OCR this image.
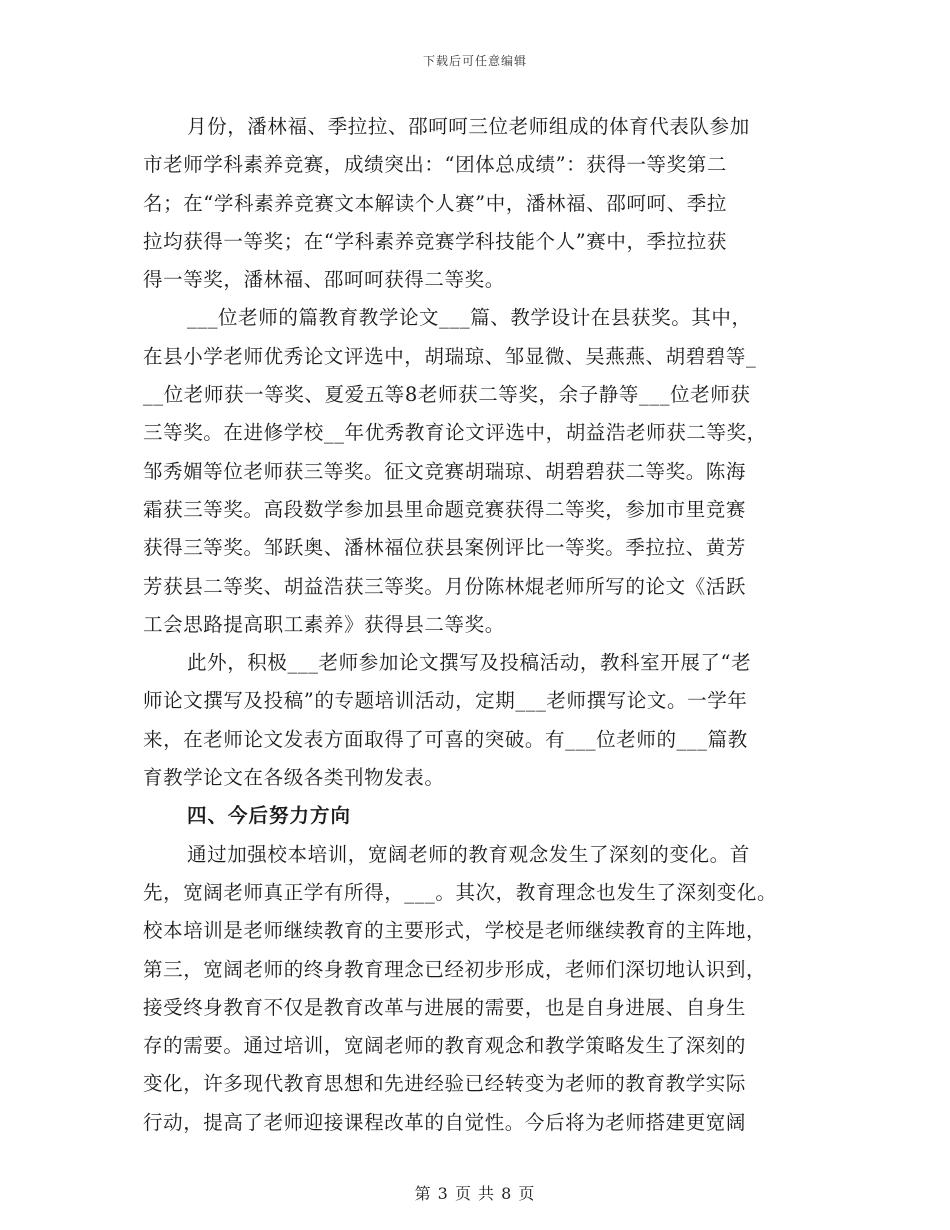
下载后可任意编辑
月份，潘林福、季拉拉、邵呵呵三位老师组成的体育代表队参加
市老师学科素养竞赛，成绩突出：“团体总成绩”：获得一等奖第二
名；在“学科素养竞赛文本解读个人赛”中，潘林福、邵呵呵、季拉
拉均获得一等奖；在“学科素养竞赛学科技能个人”赛中，季拉拉获
得一等奖，潘林福、邵呵呵获得二等奖。
___位老师的篇教育教学论文___篇、教学设计在县获奖。其中，
在县小学老师优秀论文评选中，胡瑞琼、邹显微、吴燕燕、胡碧碧等_
__位老师获一等奖、夏爱五等8老师获二等奖，余子静等___位老师获
三等奖。在进修学校__年优秀教育论文评选中，胡益浩老师获二等奖，
邹秀媚等位老师获三等奖。征文竞赛胡瑞琼、胡碧碧获二等奖。陈海
霜获三等奖。高段数学参加县里命题竞赛获得二等奖，参加市里竞赛
获得三等奖。邹跃奥、潘林福位获县案例评比一等奖。季拉拉、黄芳
芳获县二等奖、胡益浩获三等奖。月份陈林焜老师所写的论文《活跃
工会思路提高职工素养》获得县二等奖。
此外，积极___老师参加论文撰写及投稿活动，教科室开展了“老
师论文撰写及投稿”的专题培训活动，定期___老师撰写论文。一学年
来，在老师论文发表方面取得了可喜的突破。有___位老师的___篇教
育教学论文在各级各类刊物发表。
四、今后努力方向
通过加强校本培训，宽阔老师的教育观念发生了深刻的变化。首
先，宽阔老师真正学有所得，___。其次，教育理念也发生了深刻变化。
校本培训是老师继续教育的主要形式，学校是老师继续教育的主阵地，
第三，宽阔老师的终身教育理念已经初步形成，老师们深切地认识到，
接受终身教育不仅是教育改革与进展的需要，也是自身进展、自身生
存的需要。通过培训，宽阔老师的教育观念和教学策略发生了深刻的
变化，许多现代教育思想和先进经验已经转变为老师的教育教学实际
行动，提高了老师迎接课程改革的自觉性。今后将为老师搭建更宽阔
第 3 页 共 8 页
